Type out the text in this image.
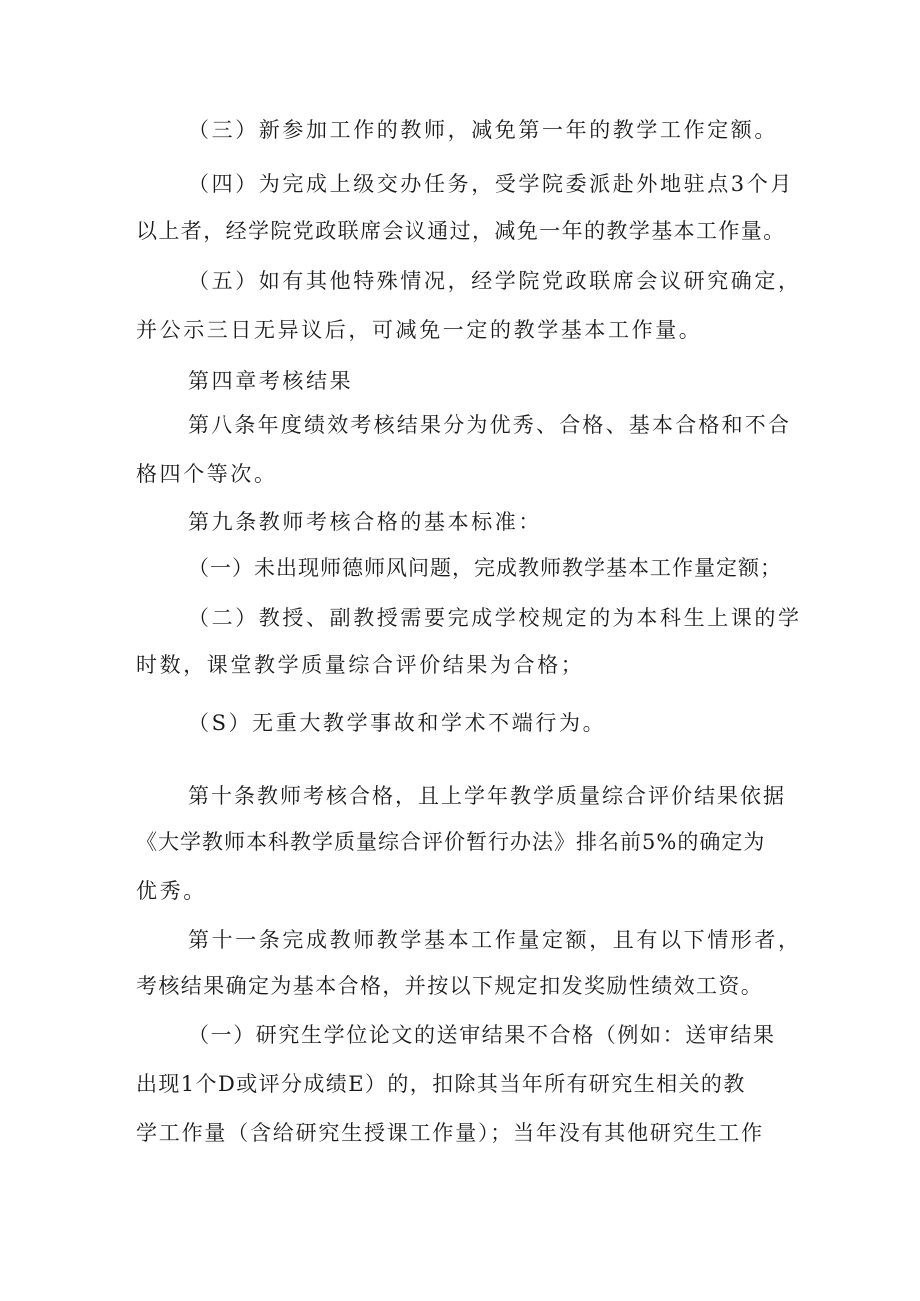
（三）新参加工作的教师，减免第一年的教学工作定额。
（四）为完成上级交办任务，受学院委派赴外地驻点3个月
以上者，经学院党政联席会议通过，减免一年的教学基本工作量。
（五）如有其他特殊情况，经学院党政联席会议研究确定，
并公示三日无异议后，可减免一定的教学基本工作量。
第四章考核结果
第八条年度绩效考核结果分为优秀、合格、基本合格和不合
格四个等次。
第九条教师考核合格的基本标准：
（一）未出现师德师风问题，完成教师教学基本工作量定额；
（二）教授、副教授需要完成学校规定的为本科生上课的学
时数，课堂教学质量综合评价结果为合格；
（S）无重大教学事故和学术不端行为。
第十条教师考核合格，且上学年教学质量综合评价结果依据
《大学教师本科教学质量综合评价暂行办法》排名前5%的确定为
优秀。
第十一条完成教师教学基本工作量定额，且有以下情形者，
考核结果确定为基本合格，并按以下规定扣发奖励性绩效工资。
（一）研究生学位论文的送审结果不合格（例如：送审结果
出现1个D或评分成绩E）的，扣除其当年所有研究生相关的教
学工作量（含给研究生授课工作量）；当年没有其他研究生工作
